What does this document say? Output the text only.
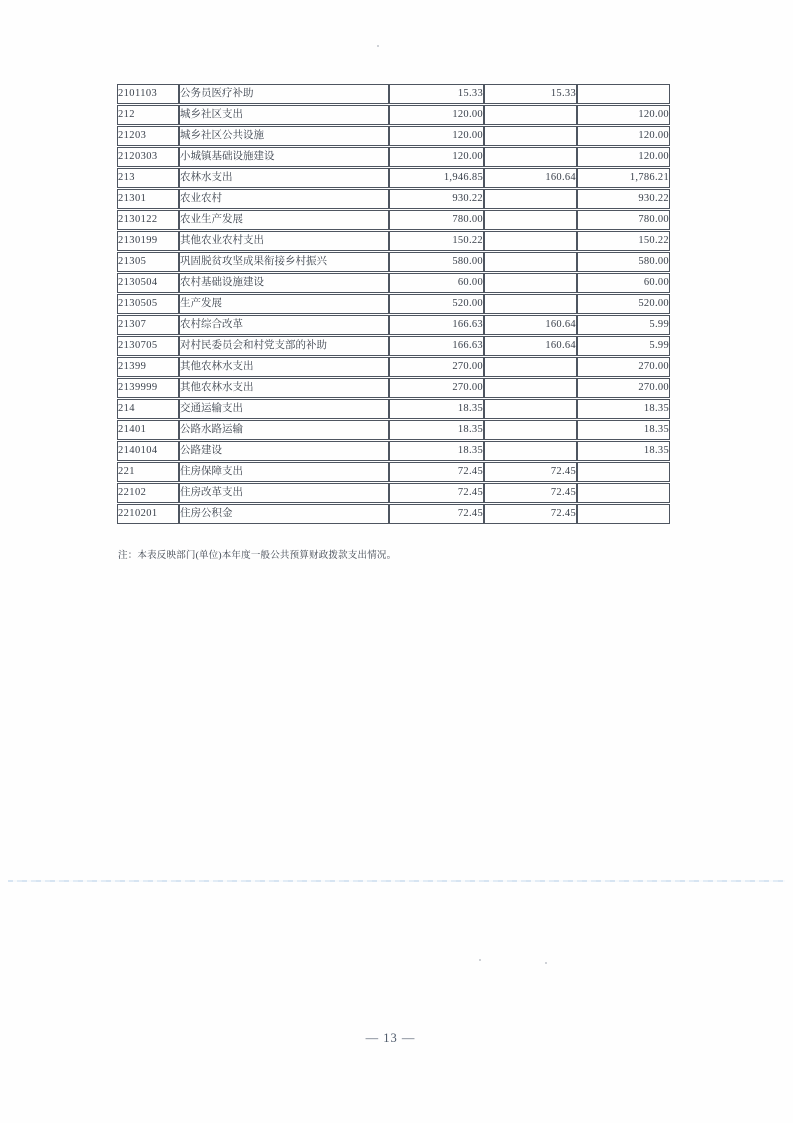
2101103	公务员医疗补助	15.33	15.33	
212	城乡社区支出	120.00		120.00
21203	城乡社区公共设施	120.00		120.00
2120303	小城镇基础设施建设	120.00		120.00
213	农林水支出	1,946.85	160.64	1,786.21
21301	农业农村	930.22		930.22
2130122	农业生产发展	780.00		780.00
2130199	其他农业农村支出	150.22		150.22
21305	巩固脱贫攻坚成果衔接乡村振兴	580.00		580.00
2130504	农村基础设施建设	60.00		60.00
2130505	生产发展	520.00		520.00
21307	农村综合改革	166.63	160.64	5.99
2130705	对村民委员会和村党支部的补助	166.63	160.64	5.99
21399	其他农林水支出	270.00		270.00
2139999	其他农林水支出	270.00		270.00
214	交通运输支出	18.35		18.35
21401	公路水路运输	18.35		18.35
2140104	公路建设	18.35		18.35
221	住房保障支出	72.45	72.45	
22102	住房改革支出	72.45	72.45	
2210201	住房公积金	72.45	72.45	
注：本表反映部门(单位)本年度一般公共预算财政拨款支出情况。
— 13 —
